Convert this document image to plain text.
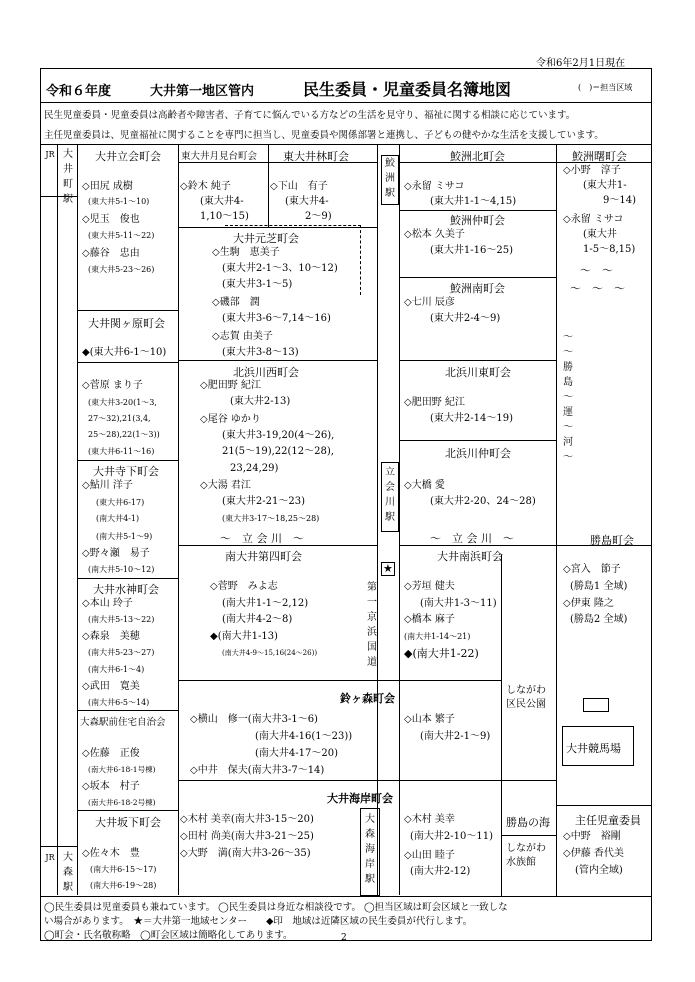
令和6年2月1日現在
令和６年度	大井第一地区管内	民生委員・児童委員名簿地図	(　)＝担当区域
民生児童委員・児童委員は高齢者や障害者、子育てに悩んでいる方などの生活を見守り、福祉に関する相談に応じています。
主任児童委員は、児童福祉に関することを専門に担当し、児童委員や関係部署と連携し、子どもの健やかな生活を支援しています。
JR 大井町駅
JR 大森駅
鮫洲駅
立会川駅
大森海岸駅
★
第一京浜国道
～　立 会 川　～	～　立 会 川　～
～～勝島～運～河～
～　～
～　～　～
大井立会町会 東大井月見台町会 東大井林町会	鮫洲北町会	鮫洲曙町会
鮫洲仲町会
大井元芝町会
鮫洲南町会
大井関ヶ原町会
北浜川西町会	北浜川東町会
北浜川仲町会
大井寺下町会
勝島町会
南大井第四町会	大井南浜町会
大井水神町会
鈴ヶ森町会
大森駅前住宅自治会
大井海岸町会
大井坂下町会
しながわ区民公園
大井競馬場
勝島の海
しながわ水族館
◇田尻 成樹
(東大井5-1～10)
◇児玉　俊也
(東大井5-11～22)
◇藤谷　忠由
(東大井5-23～26)
◇鈴木 純子
(東大井4-
1,10～15)
◇下山　有子
(東大井4-
2～9)
◇永留 ミサコ
(東大井1-1～4,15)
◇小野　淳子
(東大井1-
9～14)
◇永留 ミサコ
(東大井
1-5～8,15)
◇松本 久美子
(東大井1-16～25)
◇七川 辰彦
(東大井2-4～9)
◇生駒　恵美子
(東大井2-1～3、10～12)
(東大井3-1～5)
◇磯部　潤
(東大井3-6～7,14～16)
◇志賀 由美子
(東大井3-8～13)
◆(東大井6-1～10)
◇菅原 まり子
(東大井3-20(1～3,
27～32),21(3,4,
25～28),22(1～3))
(東大井6-11～16)
◇肥田野 紀江
(東大井2-13)
◇尾谷 ゆかり
(東大井3-19,20(4～26),
21(5～19),22(12～28),
23,24,29)
◇肥田野 紀江
(東大井2-14～19)
◇大橋 愛
(東大井2-20、24～28)
◇鮎川 洋子
(東大井6-17)
(南大井4-1)
(南大井5-1～9)
◇大湯 君江
(東大井2-21～23)
(東大井3-17～18,25～28)
◇野々瀬　易子
(南大井5-10～12)	◇宮入　節子
(勝島1 全域)
◇伊東 隆之
(勝島2 全域)
◇本山 玲子
(南大井5-13～22)
◇森泉　美穂
(南大井5-23～27)
(南大井6-1～4)
◇武田　寛美
(南大井6-5～14)
◇菅野　みよ志
(南大井1-1～2,12)
(南大井4-2～8)
◆(南大井1-13)
(南大井4-9～15,16(24～26))
◇芳垣 健夫
(南大井1-3～11)
◇橋本 麻子
(南大井1-14～21)
◆(南大井1-22)
◇佐藤　正俊
(南大井6-18-1号棟)
◇坂本　村子
(南大井6-18-2号棟)
◇横山　修一(南大井3-1～6)
(南大井4-16(1～23))
(南大井4-17～20)
◇中井　保夫(南大井3-7～14)
◇山本 繁子
(南大井2-1～9)
◇木村 美幸(南大井3-15～20)
◇田村 尚美(南大井3-21～25)
◇大野　満(南大井3-26～35)
◇木村 美幸
(南大井2-10～11)
◇山田 睦子
(南大井2-12)
◇佐々木　豊
(南大井6-15～17)
(南大井6-19～28)
主任児童委員
◇中野　裕剛
◇伊藤 香代美
(管内全域)
◯民生委員は児童委員も兼ねています。 ◯民生委員は身近な相談役です。 ◯担当区域は町会区域と一致しな
い場合があります。　★＝大井第一地域センター　　◆印　地域は近隣区域の民生委員が代行します。
◯町会・氏名敬称略　◯町会区域は簡略化してあります。	2
